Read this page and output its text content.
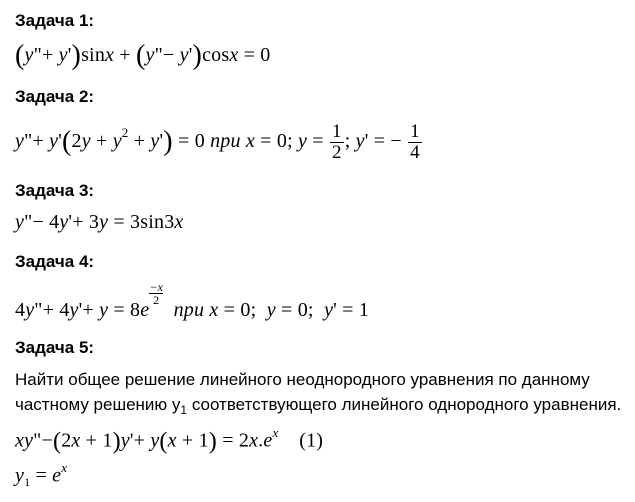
Задача 1:
(y"+ y')sinx + (y"− y')cosx = 0
Задача 2:
y"+ $y'(2y + y^2 + y') = 0$ при x = 0; $y = \frac{1}{2}$ ; y' = − $\frac{1}{4}$
Задача 3:
y"− 4y'+ 3y = 3sin3x
Задача 4:
4y"+ 4y'+ y = 8e
$\frac{-x}{2}$
при x = 0;  y = 0;  y' = 1
Задача 5:
Найти общее решение линейного неоднородного уравнения по данному
частному решению $y_1$ соответствующего линейного однородного уравнения.
xy"−(2x + $1)y'+ y(x + 1) = 2x.e^x$ (1)
$y_1 = e^x$
